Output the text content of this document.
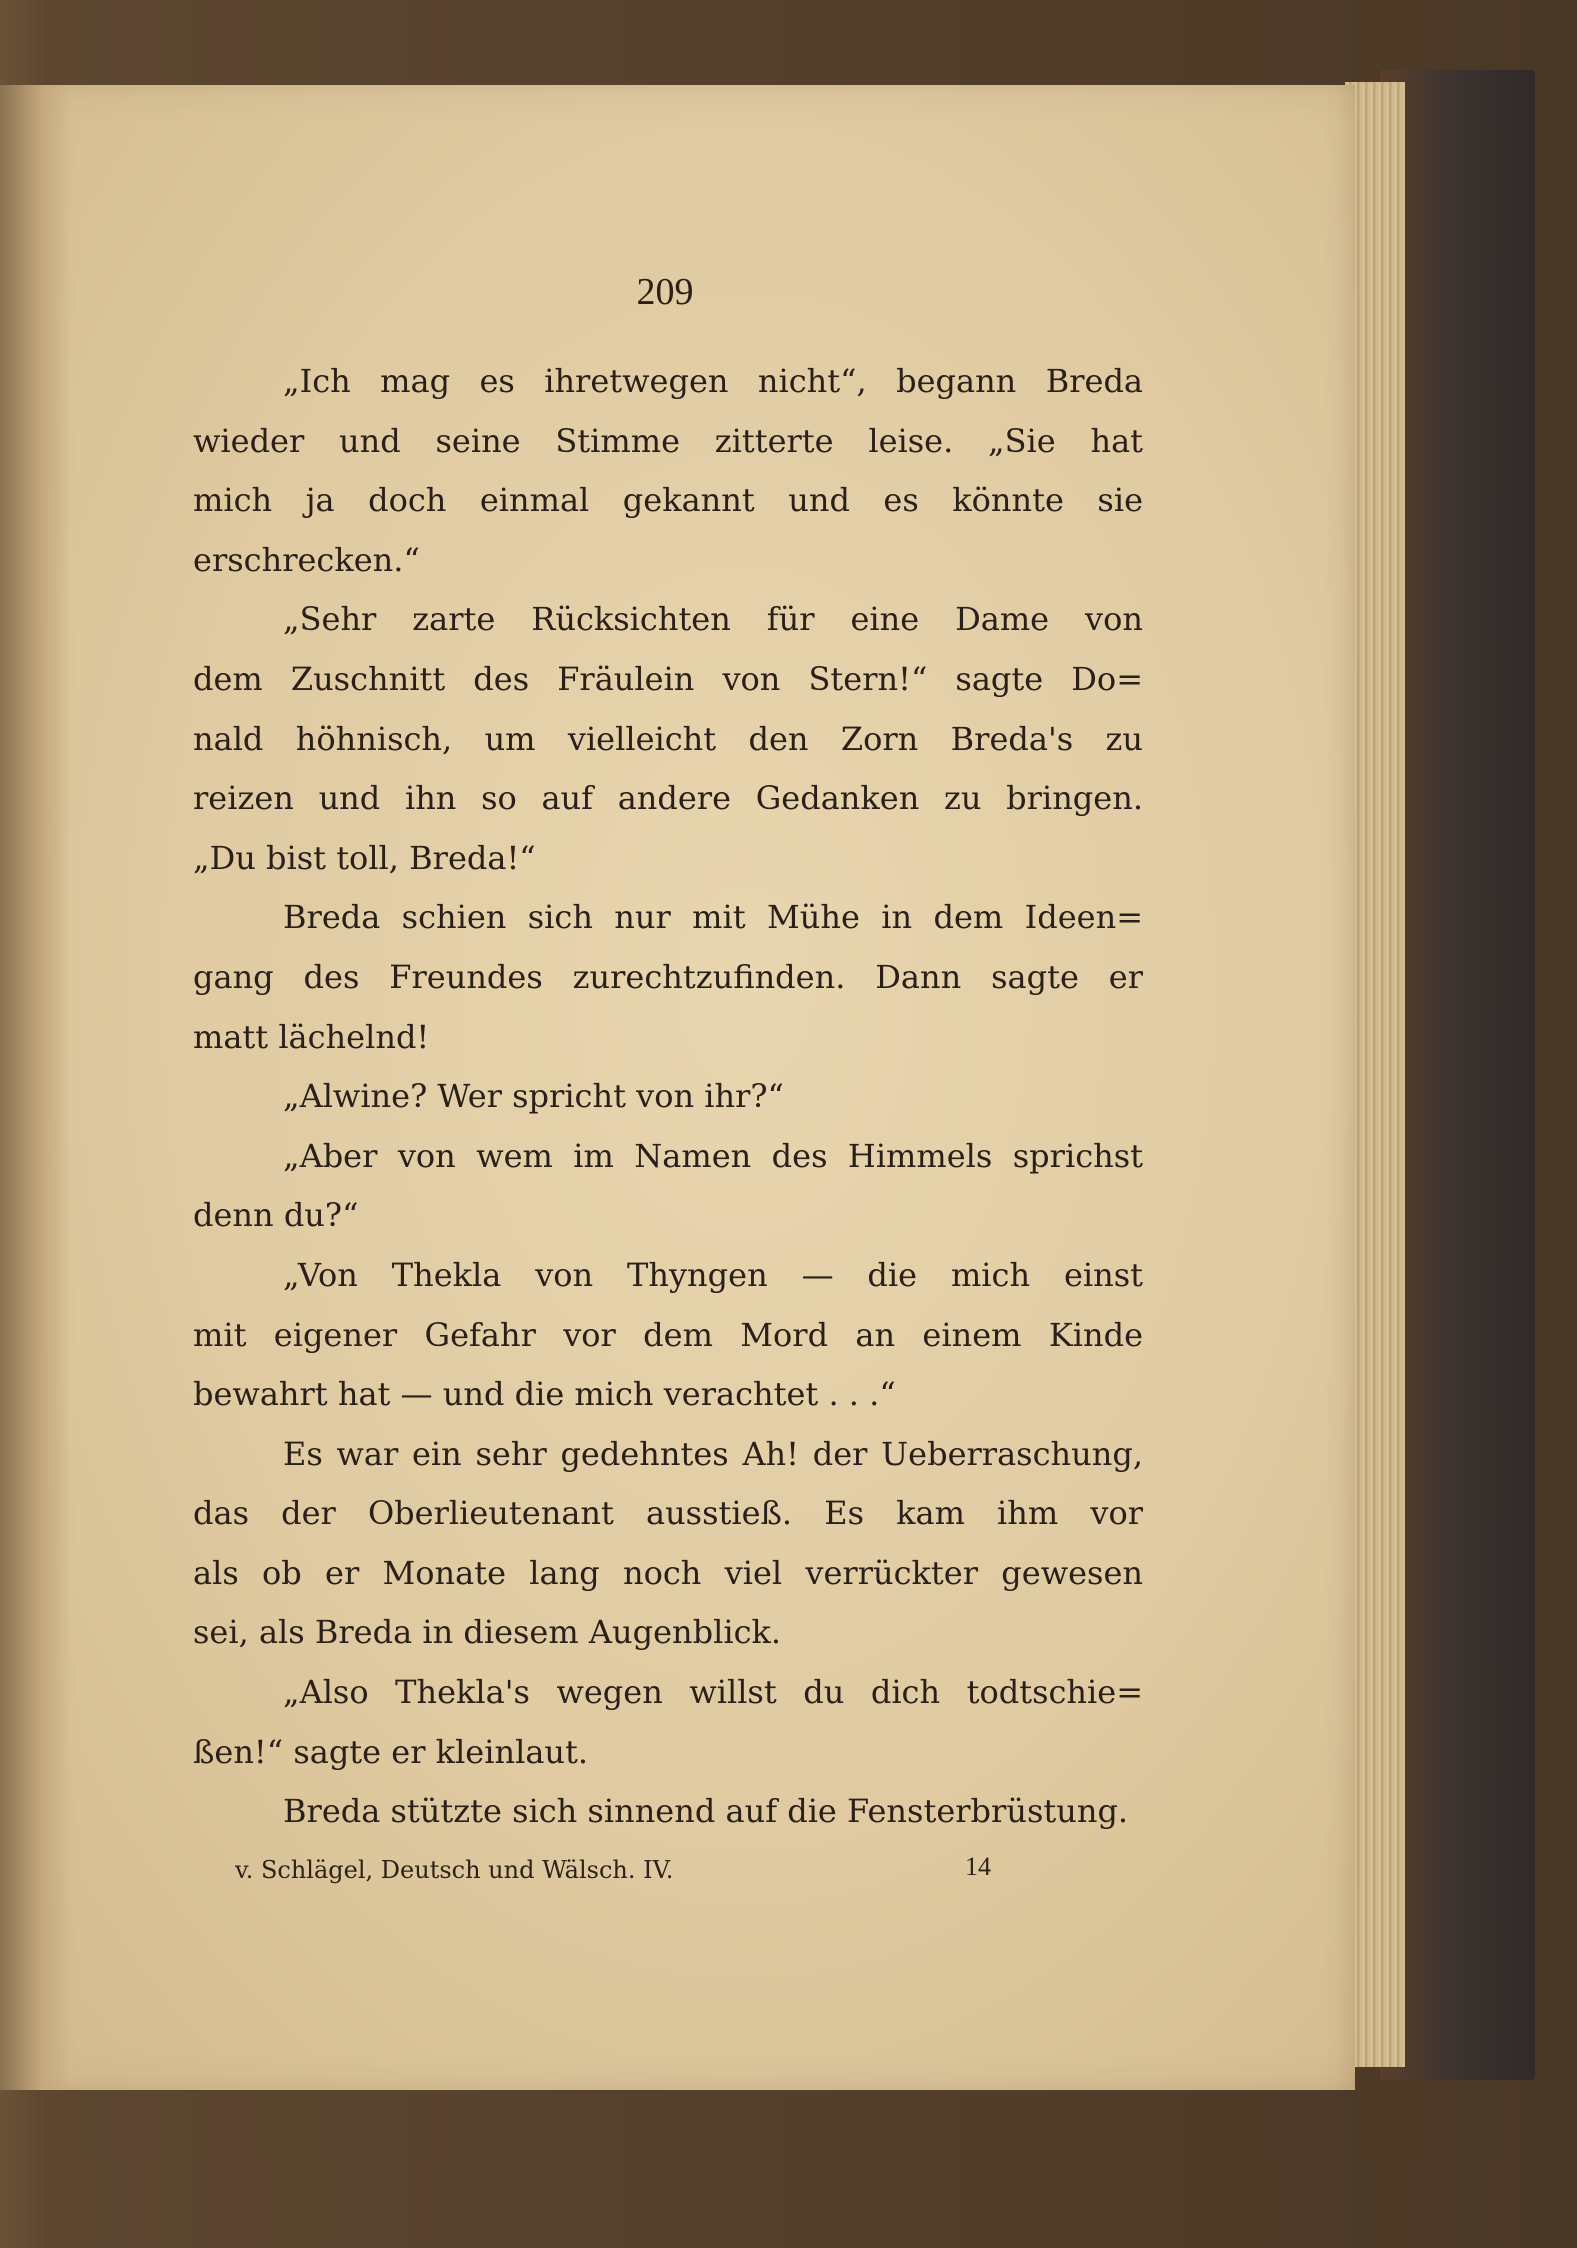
209
„Ich mag es ihretwegen nicht“, begann Breda
wieder und seine Stimme zitterte leise. „Sie hat
mich ja doch einmal gekannt und es könnte sie
erschrecken.“
„Sehr zarte Rücksichten für eine Dame von
dem Zuschnitt des Fräulein von Stern!“ sagte Do=
nald höhnisch, um vielleicht den Zorn Breda's zu
reizen und ihn so auf andere Gedanken zu bringen.
„Du bist toll, Breda!“
Breda schien sich nur mit Mühe in dem Ideen=
gang des Freundes zurechtzufinden. Dann sagte er
matt lächelnd!
„Alwine? Wer spricht von ihr?“
„Aber von wem im Namen des Himmels sprichst
denn du?“
„Von Thekla von Thyngen — die mich einst
mit eigener Gefahr vor dem Mord an einem Kinde
bewahrt hat — und die mich verachtet . . .“
Es war ein sehr gedehntes Ah! der Ueberraschung,
das der Oberlieutenant ausstieß. Es kam ihm vor
als ob er Monate lang noch viel verrückter gewesen
sei, als Breda in diesem Augenblick.
„Also Thekla's wegen willst du dich todtschie=
ßen!“ sagte er kleinlaut.
Breda stützte sich sinnend auf die Fensterbrüstung.
v. Schlägel, Deutsch und Wälsch. IV.	14
